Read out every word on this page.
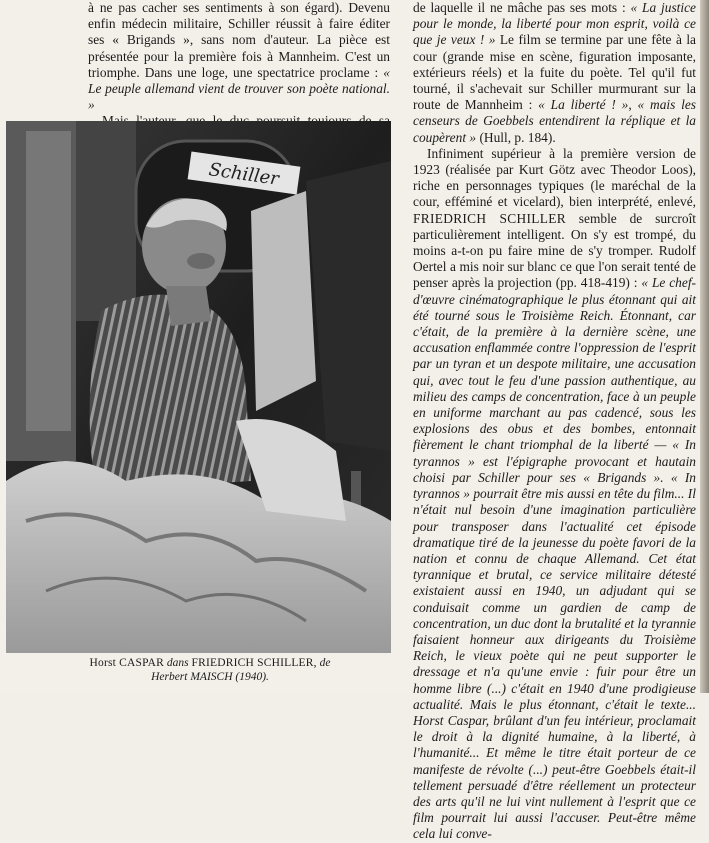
à ne pas cacher ses sentiments à son égard). Devenu enfin médecin militaire, Schiller réussit à faire éditer ses « Brigands », sans nom d'auteur. La pièce est présentée pour la première fois à Mannheim. C'est un triomphe. Dans une loge, une spectatrice proclame : « Le peuple allemand vient de trouver son poète national. »

Schiller
Horst CASPAR dans FRIEDRICH SCHILLER, de
Herbert MAISCH (1940).

de laquelle il ne mâche pas ses mots : « La justice pour le monde, la liberté pour mon esprit, voilà ce que je veux ! » Le film se termine par une fête à la cour (grande mise en scène, figuration imposante, extérieurs réels) et la fuite du poète. Tel qu'il fut tourné, il s'achevait sur Schiller murmurant sur la route de Mannheim : « La liberté ! », « mais les censeurs de Goebbels entendirent la réplique et la coupèrent » (Hull, p. 184).

Infiniment supérieur à la première version de 1923 (réalisée par Kurt Götz avec Theodor Loos), riche en personnages typiques (le maréchal de la cour, efféminé et vicelard), bien interprété, enlevé, FRIEDRICH SCHILLER semble de surcroît particulièrement intelligent. On s'y est trompé, du moins a-t-on pu faire mine de s'y tromper. Rudolf Oertel a mis noir sur blanc ce que l'on serait tenté de penser après la projection (pp. 418-419) : « Le chef-d'œuvre cinématographique le plus étonnant qui ait été tourné sous le Troisième Reich. Étonnant, car c'était, de la première à la dernière scène, une accusation enflammée contre l'oppression de l'esprit par un tyran et un despote militaire, une accusation qui, avec tout le feu d'une passion authentique, au milieu des camps de concentration, face à un peuple en uniforme marchant au pas cadencé, sous les explosions des obus et des bombes, entonnait fièrement le chant triomphal de la liberté — « In tyrannos » est l'épigraphe provocant et hautain choisi par Schiller pour ses « Brigands ». « In tyrannos » pourrait être mis aussi en tête du film... Il n'était nul besoin d'une imagination particulière pour transposer dans l'actualité cet épisode dramatique tiré de la jeunesse du poète favori de la nation et connu de chaque Allemand. Cet état tyrannique et brutal, ce service militaire détesté existaient aussi en 1940, un adjudant qui se conduisait comme un gardien de camp de concentration, un duc dont la brutalité et la tyrannie faisaient honneur aux dirigeants du Troisième Reich, le vieux poète qui ne peut supporter le dressage et n'a qu'une envie : fuir pour être un homme libre (...) c'était en 1940 d'une prodigieuse actualité. Mais le plus étonnant, c'était le texte... Horst Caspar, brûlant d'un feu intérieur, proclamait le droit à la dignité humaine, à la liberté, à l'humanité... Et même le titre était porteur de ce manifeste de révolte (...) peut-être Goebbels était-il tellement persuadé d'être réellement un protecteur des arts qu'il ne lui vint nullement à l'esprit que ce film pourrait lui aussi l'accuser. Peut-être même cela lui conve-
